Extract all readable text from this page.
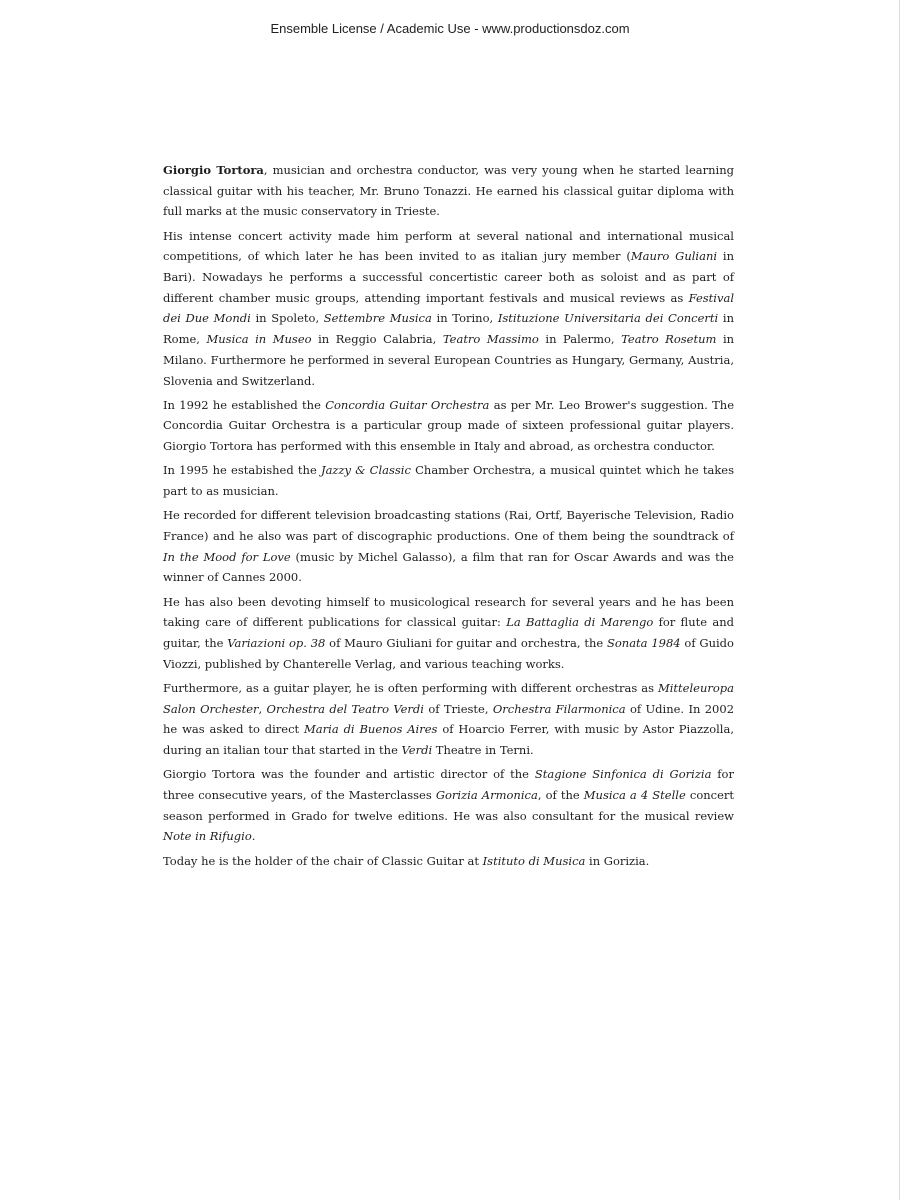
Ensemble License / Academic Use - www.productionsdoz.com

Giorgio Tortora, musician and orchestra conductor, was very young when he started learning classical guitar with his teacher, Mr. Bruno Tonazzi. He earned his classical guitar diploma with full marks at the music conservatory in Trieste.

His intense concert activity made him perform at several national and international musical competitions, of which later he has been invited to as italian jury member (Mauro Guliani in Bari). Nowadays he performs a successful concertistic career both as soloist and as part of different chamber music groups, attending important festivals and musical reviews as Festival dei Due Mondi in Spoleto, Settembre Musica in Torino, Istituzione Universitaria dei Concerti in Rome, Musica in Museo in Reggio Calabria, Teatro Massimo in Palermo, Teatro Rosetum in Milano. Furthermore he performed in several European Countries as Hungary, Germany, Austria, Slovenia and Switzerland.

In 1992 he established the Concordia Guitar Orchestra as per Mr. Leo Brower's suggestion. The Concordia Guitar Orchestra is a particular group made of sixteen professional guitar players. Giorgio Tortora has performed with this ensemble in Italy and abroad, as orchestra conductor.

In 1995 he estabished the Jazzy & Classic Chamber Orchestra, a musical quintet which he takes part to as musician.

He recorded for different television broadcasting stations (Rai, Ortf, Bayerische Television, Radio France) and he also was part of discographic productions. One of them being the soundtrack of In the Mood for Love (music by Michel Galasso), a film that ran for Oscar Awards and was the winner of Cannes 2000.

He has also been devoting himself to musicological research for several years and he has been taking care of different publications for classical guitar: La Battaglia di Marengo for flute and guitar, the Variazioni op. 38 of Mauro Giuliani for guitar and orchestra, the Sonata 1984 of Guido Viozzi, published by Chanterelle Verlag, and various teaching works.

Furthermore, as a guitar player, he is often performing with different orchestras as Mitteleuropa Salon Orchester, Orchestra del Teatro Verdi of Trieste, Orchestra Filarmonica of Udine. In 2002 he was asked to direct Maria di Buenos Aires of Hoarcio Ferrer, with music by Astor Piazzolla, during an italian tour that started in the Verdi Theatre in Terni.

Giorgio Tortora was the founder and artistic director of the Stagione Sinfonica di Gorizia for three consecutive years, of the Masterclasses Gorizia Armonica, of the Musica a 4 Stelle concert season performed in Grado for twelve editions. He was also consultant for the musical review Note in Rifugio.

Today he is the holder of the chair of Classic Guitar at Istituto di Musica in Gorizia.
